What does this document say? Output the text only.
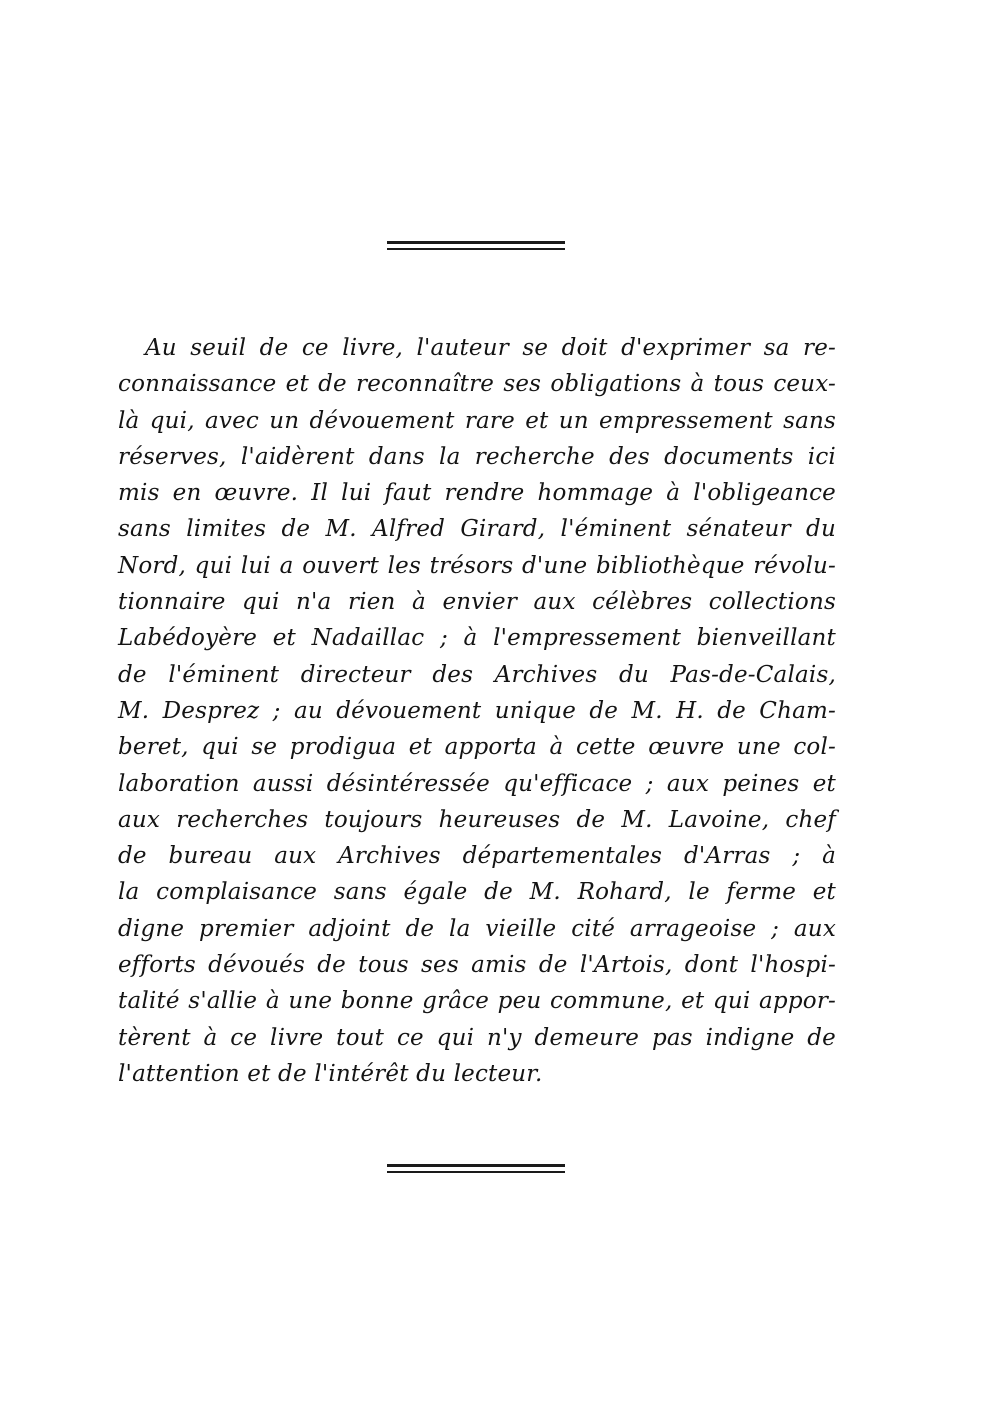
Au seuil de ce livre, l'auteur se doit d'exprimer sa re-
connaissance et de reconnaître ses obligations à tous ceux-
là qui, avec un dévouement rare et un empressement sans
réserves, l'aidèrent dans la recherche des documents ici
mis en œuvre. Il lui faut rendre hommage à l'obligeance
sans limites de M. Alfred Girard, l'éminent sénateur du
Nord, qui lui a ouvert les trésors d'une bibliothèque révolu-
tionnaire qui n'a rien à envier aux célèbres collections
Labédoyère et Nadaillac ; à l'empressement bienveillant
de l'éminent directeur des Archives du Pas-de-Calais,
M. Desprez ; au dévouement unique de M. H. de Cham-
beret, qui se prodigua et apporta à cette œuvre une col-
laboration aussi désintéressée qu'efficace ; aux peines et
aux recherches toujours heureuses de M. Lavoine, chef
de bureau aux Archives départementales d'Arras ; à
la complaisance sans égale de M. Rohard, le ferme et
digne premier adjoint de la vieille cité arrageoise ; aux
efforts dévoués de tous ses amis de l'Artois, dont l'hospi-
talité s'allie à une bonne grâce peu commune, et qui appor-
tèrent à ce livre tout ce qui n'y demeure pas indigne de
l'attention et de l'intérêt du lecteur.
